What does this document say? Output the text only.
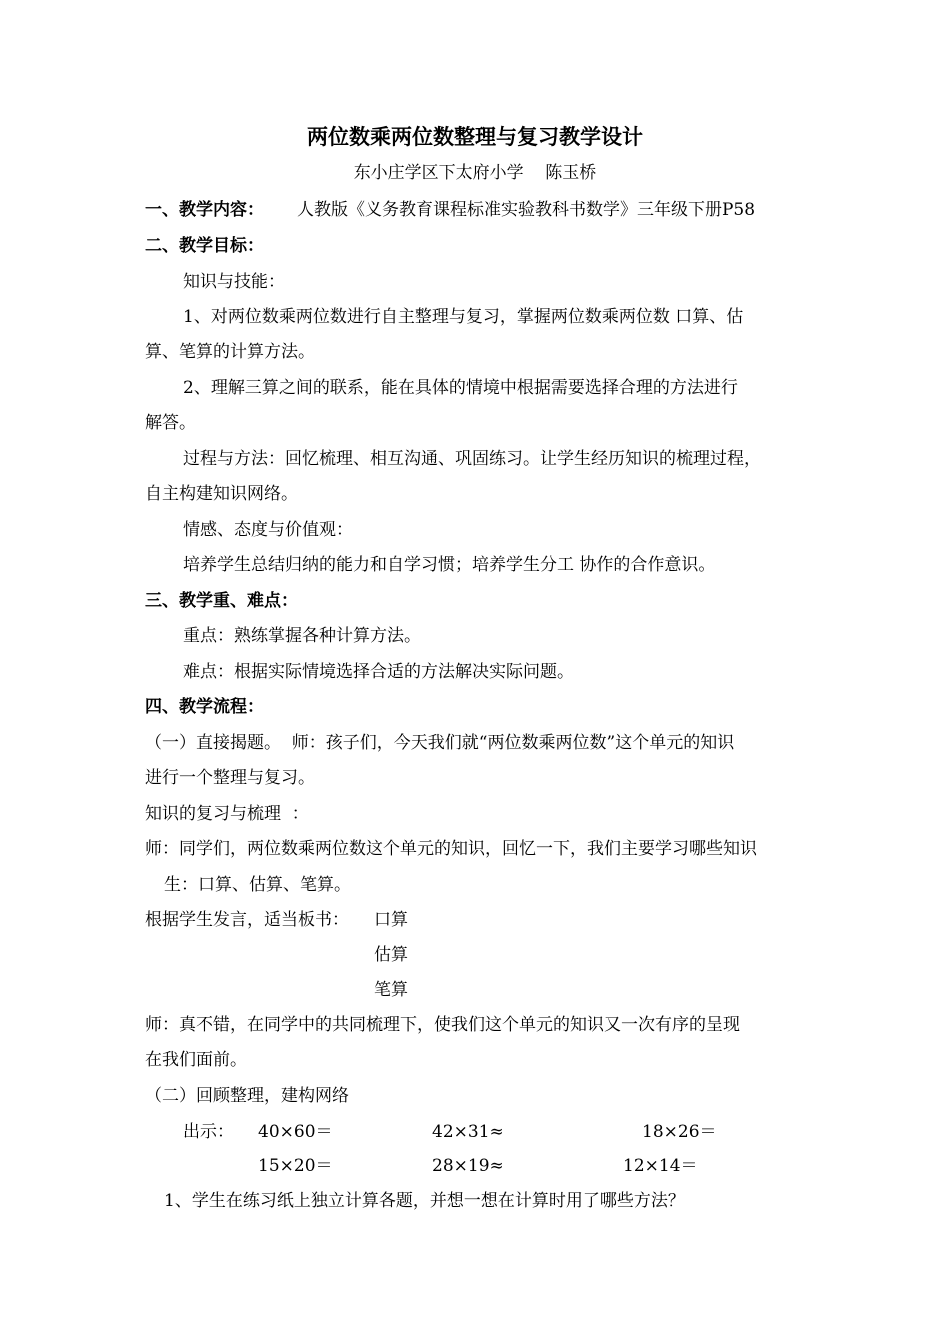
两位数乘两位数整理与复习教学设计
东小庄学区下太府小学    陈玉桥
一、教学内容： 人教版《义务教育课程标准实验教科书数学》三年级下册P58
二、教学目标：
知识与技能：
1、对两位数乘两位数进行自主整理与复习，掌握两位数乘两位数 口算、估
算、笔算的计算方法。
2、理解三算之间的联系，能在具体的情境中根据需要选择合理的方法进行
解答。
过程与方法：回忆梳理、相互沟通、巩固练习。让学生经历知识的梳理过程，
自主构建知识网络。
情感、态度与价值观：
培养学生总结归纳的能力和自学习惯；培养学生分工 协作的合作意识。
三、教学重、难点：
重点：熟练掌握各种计算方法。
难点：根据实际情境选择合适的方法解决实际问题。
四、教学流程：
（一）直接揭题。  师：孩子们，今天我们就“两位数乘两位数”这个单元的知识
进行一个整理与复习。
知识的复习与梳理  ：
师：同学们，两位数乘两位数这个单元的知识，回忆一下，我们主要学习哪些知识
生：口算、估算、笔算。
根据学生发言，适当板书： 口算
估算
笔算
师：真不错，在同学中的共同梳理下，使我们这个单元的知识又一次有序的呈现
在我们面前。
（二）回顾整理，建构网络
出示： 40×60＝	42×31≈	18×26＝
15×20＝	28×19≈	12×14＝
1、学生在练习纸上独立计算各题，并想一想在计算时用了哪些方法？
